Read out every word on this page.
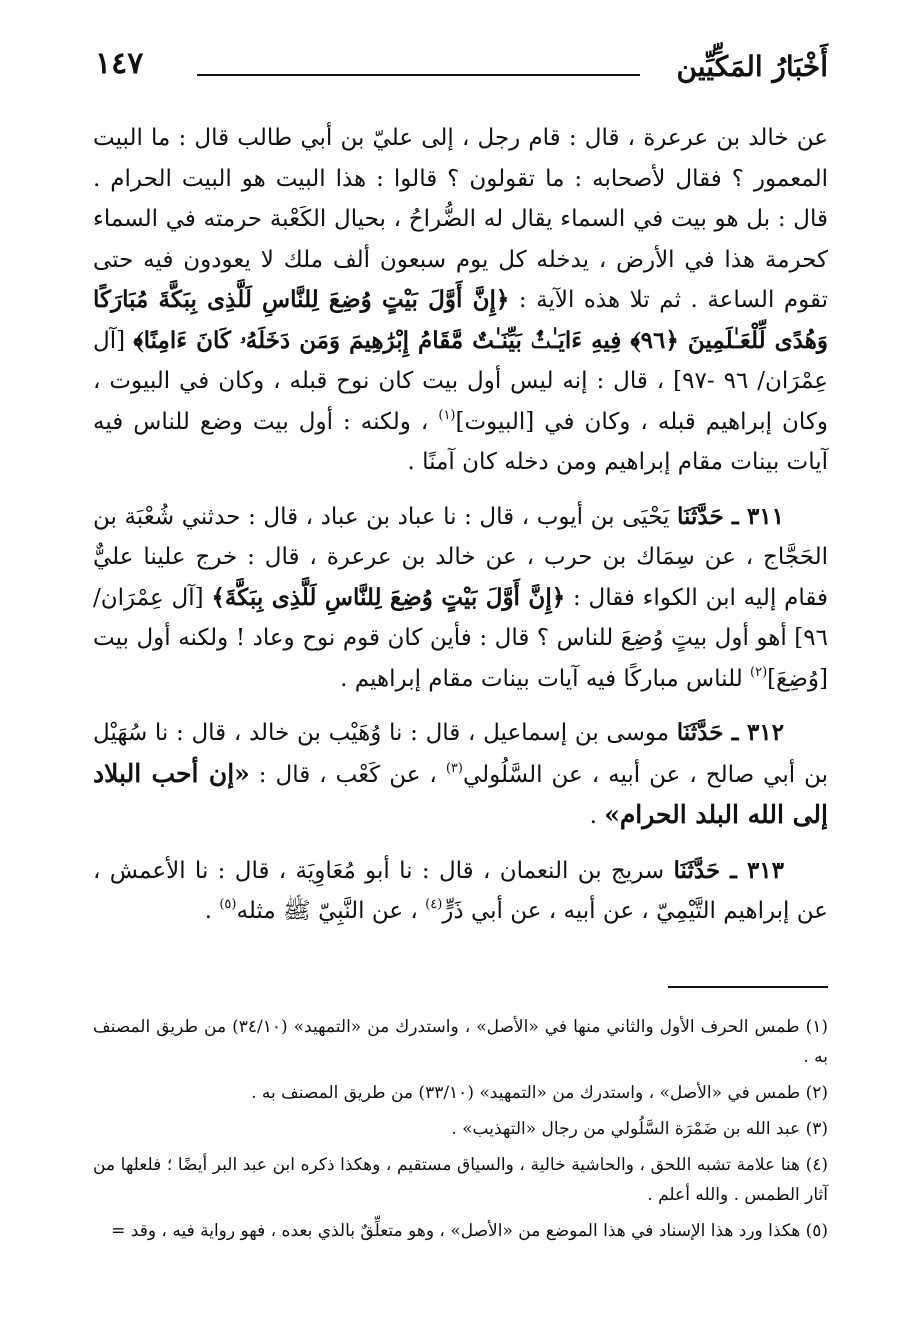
أَخْبَارُ المَكِّيِّين
١٤٧

عن خالد بن عرعرة ، قال : قام رجل ، إلى عليّ بن أبي طالب قال : ما البيت المعمور ؟ فقال لأصحابه : ما تقولون ؟ قالوا : هذا البيت هو البيت الحرام . قال : بل هو بيت في السماء يقال له الضُّراحُ ، بحيال الكَعْبة حرمته في السماء كحرمة هذا في الأرض ، يدخله كل يوم سبعون ألف ملك لا يعودون فيه حتى تقوم الساعة . ثم تلا هذه الآية : ﴿إِنَّ أَوَّلَ بَيْتٍ وُضِعَ لِلنَّاسِ لَلَّذِى بِبَكَّةَ مُبَارَكًا وَهُدًى لِّلْعَـٰلَمِينَ ﴿٩٦﴾ فِيهِ ءَايَـٰتٌۢ بَيِّنَـٰتٌ مَّقَامُ إِبْرَٰهِيمَ وَمَن دَخَلَهُۥ كَانَ ءَامِنًا﴾ [آل عِمْرَان/ ٩٦ -٩٧] ، قال : إنه ليس أول بيت كان نوح قبله ، وكان في البيوت ، وكان إبراهيم قبله ، وكان في [البيوت]$^{(١)}$ ، ولكنه : أول بيت وضع للناس فيه آيات بينات مقام إبراهيم ومن دخله كان آمنًا .

٣١١ ـ حَدَّثَنَا يَحْيَى بن أيوب ، قال : نا عباد بن عباد ، قال : حدثني شُعْبَة بن الحَجَّاج ، عن سِمَاك بن حرب ، عن خالد بن عرعرة ، قال : خرج علينا عليٌّ فقام إليه ابن الكواء فقال : ﴿إِنَّ أَوَّلَ بَيْتٍ وُضِعَ لِلنَّاسِ لَلَّذِى بِبَكَّةَ﴾ [آل عِمْرَان/٩٦] أهو أول بيتٍ وُضِعَ للناس ؟ قال : فأين كان قوم نوح وعاد ! ولكنه أول بيت [وُضِعَ]$^{(٢)}$ للناس مباركًا فيه آيات بينات مقام إبراهيم .

٣١٢ ـ حَدَّثَنَا موسى بن إسماعيل ، قال : نا وُهَيْب بن خالد ، قال : نا سُهَيْل بن أبي صالح ، عن أبيه ، عن السَّلُولي$^{(٣)}$ ، عن كَعْب ، قال : «إن أحب البلاد إلى الله البلد الحرام» .

٣١٣ ـ حَدَّثَنَا سريج بن النعمان ، قال : نا أبو مُعَاوِيَة ، قال : نا الأعمش ، عن إبراهيم التَّيْمِيّ ، عن أبيه ، عن أبي ذَرٍّ$^{(٤)}$ ، عن النَّبِيّ ﷺ مثله$^{(٥)}$ .

(١) طمس الحرف الأول والثاني منها في «الأصل» ، واستدرك من «التمهيد» (٣٤/١٠) من طريق المصنف به .

(٢) طمس في «الأصل» ، واستدرك من «التمهيد» (٣٣/١٠) من طريق المصنف به .

(٣) عبد الله بن ضَمْرَة السَّلُولي من رجال «التهذيب» .

(٤) هنا علامة تشبه اللحق ، والحاشية خالية ، والسياق مستقيم ، وهكذا ذكره ابن عبد البر أيضًا ؛ فلعلها من آثار الطمس . والله أعلم .

(٥) هكذا ورد هذا الإسناد في هذا الموضع من «الأصل» ، وهو متعلِّقٌ بالذي بعده ، فهو رواية فيه ، وقد =
